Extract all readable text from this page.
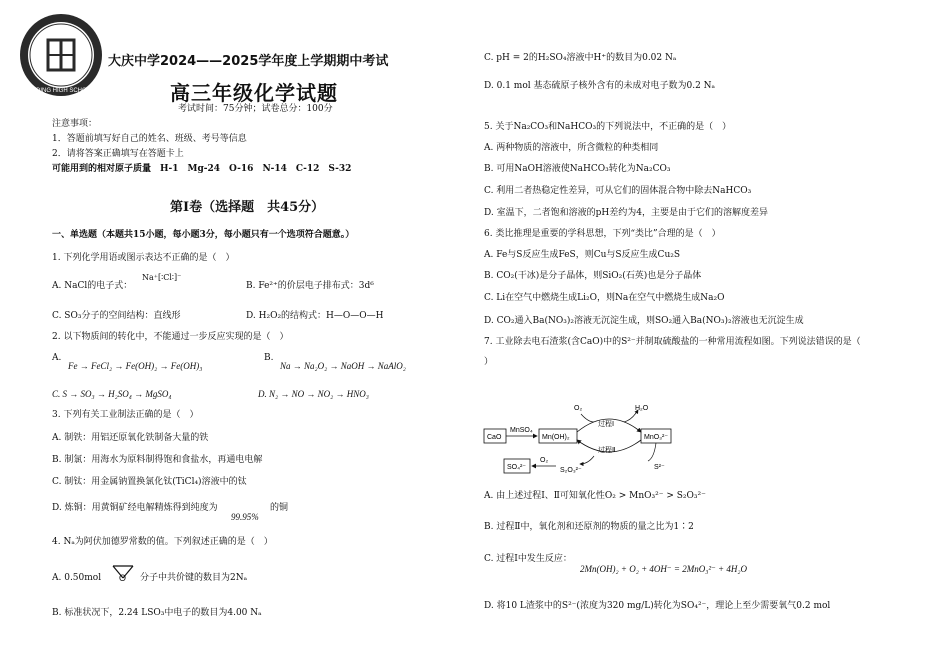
DAQING HIGH SCHOOL
大庆中学2024——2025学年度上学期期中考试
高三年级化学试题
考试时间：75分钟；试卷总分：100分
注意事项：
1．答题前填写好自己的姓名、班级、考号等信息
2．请将答案正确填写在答题卡上
可能用到的相对原子质量　H-1　Mg-24　O-16　N-14　C-12　S-32
第Ⅰ卷（选择题　共45分）
一、单选题（本题共15小题，每小题3分，每小题只有一个选项符合题意。）
1. 下列化学用语或图示表达不正确的是（　）
A. NaCl的电子式：
Na⁺[∶Cl∶]⁻
B. Fe²⁺的价层电子排布式：3d⁶
C. SO₃分子的空间结构：直线形	D. H₂O₂的结构式：H—O—O—H
2. 以下物质间的转化中，不能通过一步反应实现的是（　）
A.
Fe → FeCl₂ → Fe(OH)₂ → Fe(OH)₃
B.
Na → Na₂O₂ → NaOH → NaAlO₂
C. S → SO₃ → H₂SO₄ → MgSO₄	D. N₂ → NO → NO₂ → HNO₃
3. 下列有关工业制法正确的是（　）
A. 制铁：用铝还原氧化铁制备大量的铁
B. 制氯：用海水为原料制得饱和食盐水，再通电电解
C. 制钛：用金属钠置换氯化钛(TiCl₄)溶液中的钛
D. 炼铜：用黄铜矿经电解精炼得到纯度为
99.95%
的铜
4. Nₐ为阿伏加德罗常数的值。下列叙述正确的是（　）
A. 0.50mol O 分子中共价键的数目为2Nₐ
B. 标准状况下，2.24 LSO₃中电子的数目为4.00 Nₐ
C. pH = 2的H₂SO₄溶液中H⁺的数目为0.02 Nₐ
D. 0.1 mol 基态硫原子核外含有的未成对电子数为0.2 Nₐ
5. 关于Na₂CO₃和NaHCO₃的下列说法中，不正确的是（　）
A. 两种物质的溶液中，所含微粒的种类相同
B. 可用NaOH溶液使NaHCO₃转化为Na₂CO₃
C. 利用二者热稳定性差异，可从它们的固体混合物中除去NaHCO₃
D. 室温下，二者饱和溶液的pH差约为4，主要是由于它们的溶解度差异
6. 类比推理是重要的学科思想，下列“类比”合理的是（　）
A. Fe与S反应生成FeS，则Cu与S反应生成Cu₂S
B. CO₂(干冰)是分子晶体，则SiO₂(石英)也是分子晶体
C. Li在空气中燃烧生成Li₂O，则Na在空气中燃烧生成Na₂O
D. CO₂通入Ba(NO₃)₂溶液无沉淀生成，则SO₂通入Ba(NO₃)₂溶液也无沉淀生成
7. 工业除去电石渣浆(含CaO)中的S²⁻并制取硫酸盐的一种常用流程如图。下列说法错误的是（
）
CaO
MnSO₄
Mn(OH)₂	MnO₃²⁻
O₂	H₂O
过程Ⅰ
过程Ⅱ
S²⁻
S₂O₃²⁻
O₂
SO₄²⁻
A. 由上述过程Ⅰ、Ⅱ可知氧化性O₂ > MnO₃²⁻ > S₂O₃²⁻
B. 过程Ⅱ中，氧化剂和还原剂的物质的量之比为1∶2
C. 过程Ⅰ中发生反应：
2Mn(OH)₂ + O₂ + 4OH⁻ = 2MnO₃²⁻ + 4H₂O
D. 将10 L渣浆中的S²⁻(浓度为320 mg/L)转化为SO₄²⁻，理论上至少需要氧气0.2 mol
